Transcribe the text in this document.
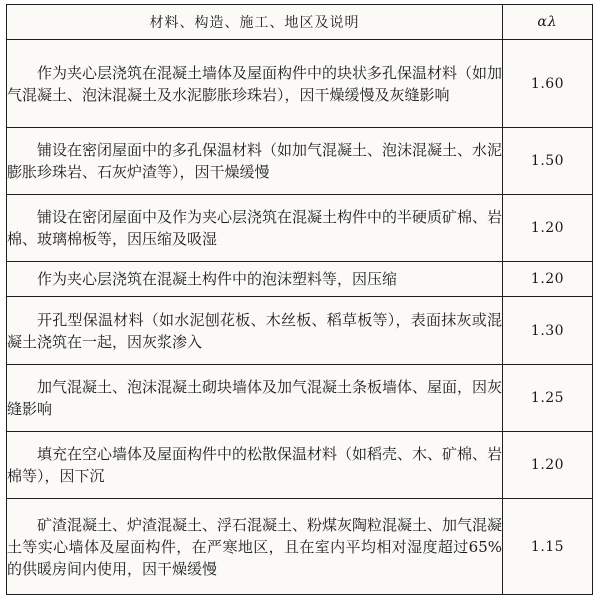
材料、构造、施工、地区及说明	αλ

作为夹心层浇筑在混凝土墙体及屋面构件中的块状多孔保温材料（如加气混凝土、泡沫混凝土及水泥膨胀珍珠岩），因干燥缓慢及灰缝影响	1.60

铺设在密闭屋面中的多孔保温材料（如加气混凝土、泡沫混凝土、水泥膨胀珍珠岩、石灰炉渣等），因干燥缓慢	1.50

铺设在密闭屋面中及作为夹心层浇筑在混凝土构件中的半硬质矿棉、岩棉、玻璃棉板等，因压缩及吸湿	1.20

作为夹心层浇筑在混凝土构件中的泡沫塑料等，因压缩	1.20

开孔型保温材料（如水泥刨花板、木丝板、稻草板等），表面抹灰或混凝土浇筑在一起，因灰浆渗入	1.30

加气混凝土、泡沫混凝土砌块墙体及加气混凝土条板墙体、屋面，因灰缝影响	1.25

填充在空心墙体及屋面构件中的松散保温材料（如稻壳、木、矿棉、岩棉等），因下沉	1.20

矿渣混凝土、炉渣混凝土、浮石混凝土、粉煤灰陶粒混凝土、加气混凝土等实心墙体及屋面构件，在严寒地区，且在室内平均相对湿度超过65%的供暖房间内使用，因干燥缓慢	1.15
